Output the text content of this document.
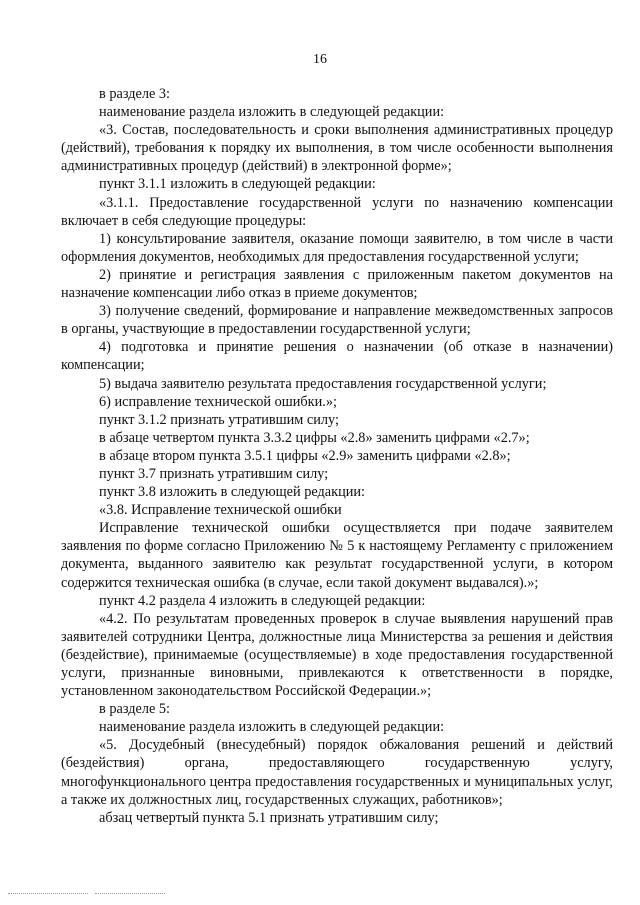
16

в разделе 3:

наименование раздела изложить в следующей редакции:

«3. Состав, последовательность и сроки выполнения административных процедур (действий), требования к порядку их выполнения, в том числе особенности выполнения административных процедур (действий) в электронной форме»;

пункт 3.1.1 изложить в следующей редакции:

«3.1.1. Предоставление государственной услуги по назначению компенсации включает в себя следующие процедуры:

1) консультирование заявителя, оказание помощи заявителю, в том числе в части оформления документов, необходимых для предоставления государственной услуги;

2) принятие и регистрация заявления с приложенным пакетом документов на назначение компенсации либо отказ в приеме документов;

3) получение сведений, формирование и направление межведомственных запросов в органы, участвующие в предоставлении государственной услуги;

4) подготовка и принятие решения о назначении (об отказе в назначении) компенсации;

5) выдача заявителю результата предоставления государственной услуги;

6) исправление технической ошибки.»;

пункт 3.1.2 признать утратившим силу;

в абзаце четвертом пункта 3.3.2 цифры «2.8» заменить цифрами «2.7»;

в абзаце втором пункта 3.5.1 цифры «2.9» заменить цифрами «2.8»;

пункт 3.7 признать утратившим силу;

пункт 3.8 изложить в следующей редакции:

«3.8. Исправление технической ошибки

Исправление технической ошибки осуществляется при подаче заявителем заявления по форме согласно Приложению № 5 к настоящему Регламенту с приложением документа, выданного заявителю как результат государственной услуги, в котором содержится техническая ошибка (в случае, если такой документ выдавался).»;

пункт 4.2 раздела 4 изложить в следующей редакции:

«4.2. По результатам проведенных проверок в случае выявления нарушений прав заявителей сотрудники Центра, должностные лица Министерства за решения и действия (бездействие), принимаемые (осуществляемые) в ходе предоставления государственной услуги, признанные виновными, привлекаются к ответственности в порядке, установленном законодательством Российской Федерации.»;

в разделе 5:

наименование раздела изложить в следующей редакции:

«5. Досудебный (внесудебный) порядок обжалования решений и действий (бездействия) органа, предоставляющего государственную услугу, многофункционального центра предоставления государственных и муниципальных услуг, а также их должностных лиц, государственных служащих, работников»;

абзац четвертый пункта 5.1 признать утратившим силу;
